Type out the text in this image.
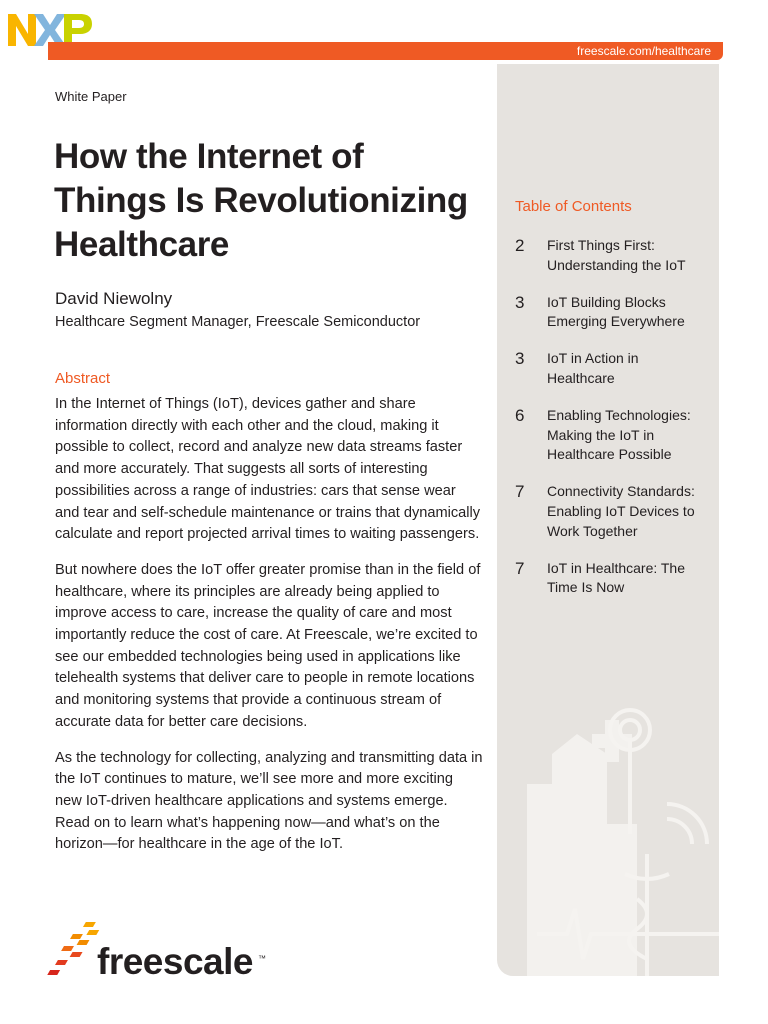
freescale.com/healthcare
Table of Contents
2	First Things First: Understanding the IoT
3	IoT Building Blocks Emerging Everywhere
3	IoT in Action in Healthcare
6	Enabling Technologies: Making the IoT in Healthcare Possible
7	Connectivity Standards: Enabling IoT Devices to Work Together
7	IoT in Healthcare: The Time Is Now
White Paper
How the Internet of
Things Is Revolutionizing
Healthcare
David Niewolny
Healthcare Segment Manager, Freescale Semiconductor
Abstract

In the Internet of Things (IoT), devices gather and share information directly with each other and the cloud, making it possible to collect, record and analyze new data streams faster and more accurately. That suggests all sorts of interesting possibilities across a range of industries: cars that sense wear and tear and self-schedule maintenance or trains that dynamically calculate and report projected arrival times to waiting passengers.

But nowhere does the IoT offer greater promise than in the field of healthcare, where its principles are already being applied to improve access to care, increase the quality of care and most importantly reduce the cost of care. At Freescale, we’re excited to see our embedded technologies being used in applications like telehealth systems that deliver care to people in remote locations and monitoring systems that provide a continuous stream of accurate data for better care decisions.

As the technology for collecting, analyzing and transmitting data in the IoT continues to mature, we’ll see more and more exciting new IoT-driven healthcare applications and systems emerge. Read on to learn what’s happening now—and what’s on the horizon—for healthcare in the age of the IoT.

freescale ™
